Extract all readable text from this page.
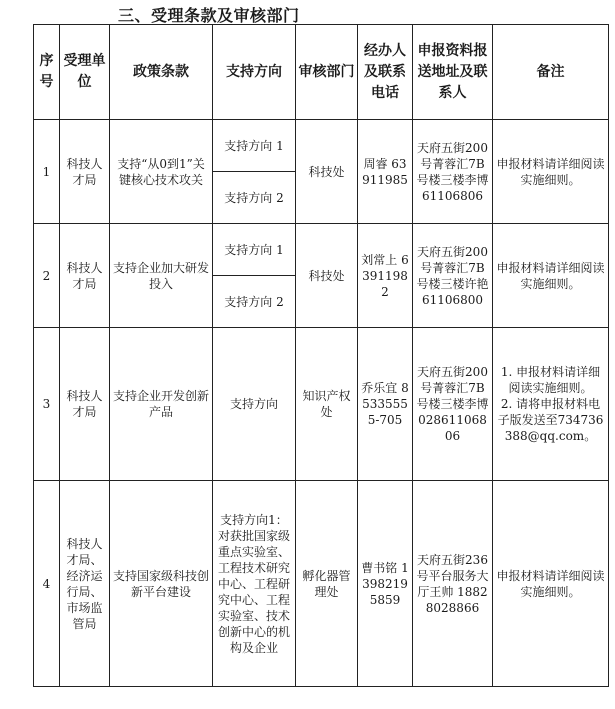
三、受理条款及审核部门
序号	受理单位	政策条款	支持方向	审核部门	经办人及联系电话	申报资料报送地址及联系人	备注
1	科技人才局	支持“从0到1”关键核心技术攻关	支持方向 1	科技处	周睿 63911985	天府五街200号菁蓉汇7B号楼三楼李博 61106806	申报材料请详细阅读实施细则。
			支持方向 2				
2	科技人才局	支持企业加大研发投入	支持方向 1	科技处	刘常上 63911982	天府五街200号菁蓉汇7B号楼三楼许艳 61106800	申报材料请详细阅读实施细则。
			支持方向 2				
3	科技人才局	支持企业开发创新产品	支持方向	知识产权处	乔乐宜 85335555-705	天府五街200号菁蓉汇7B号楼三楼李博 02861106806	1. 申报材料请详细阅读实施细则。
2. 请将申报材料电子版发送至734736388@qq.com。

4	科技人才局、经济运行局、市场监管局	支持国家级科技创新平台建设	支持方向1：对获批国家级重点实验室、工程技术研究中心、工程研究中心、工程实验室、技术创新中心的机构及企业	孵化器管理处	曹书铭 13982195859	天府五街236号平台服务大厅王帅 18828028866	申报材料请详细阅读实施细则。
